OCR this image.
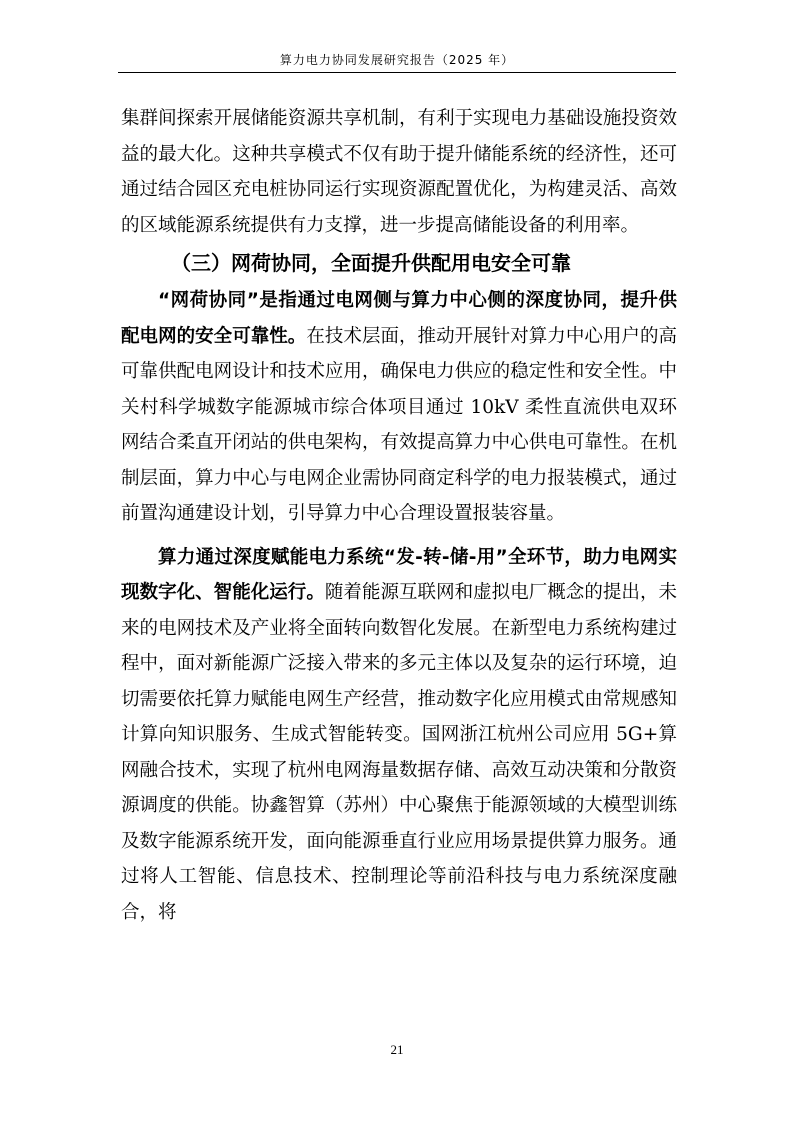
算力电力协同发展研究报告（2025 年）

集群间探索开展储能资源共享机制，有利于实现电力基础设施投资效益的最大化。这种共享模式不仅有助于提升储能系统的经济性，还可通过结合园区充电桩协同运行实现资源配置优化，为构建灵活、高效的区域能源系统提供有力支撑，进一步提高储能设备的利用率。

（三）网荷协同，全面提升供配用电安全可靠

“网荷协同”是指通过电网侧与算力中心侧的深度协同，提升供配电网的安全可靠性。在技术层面，推动开展针对算力中心用户的高可靠供配电网设计和技术应用，确保电力供应的稳定性和安全性。中关村科学城数字能源城市综合体项目通过 10kV 柔性直流供电双环网结合柔直开闭站的供电架构，有效提高算力中心供电可靠性。在机制层面，算力中心与电网企业需协同商定科学的电力报装模式，通过前置沟通建设计划，引导算力中心合理设置报装容量。

算力通过深度赋能电力系统“发-转-储-用”全环节，助力电网实现数字化、智能化运行。随着能源互联网和虚拟电厂概念的提出，未来的电网技术及产业将全面转向数智化发展。在新型电力系统构建过程中，面对新能源广泛接入带来的多元主体以及复杂的运行环境，迫切需要依托算力赋能电网生产经营，推动数字化应用模式由常规感知计算向知识服务、生成式智能转变。国网浙江杭州公司应用 5G+算网融合技术，实现了杭州电网海量数据存储、高效互动决策和分散资源调度的供能。协鑫智算（苏州）中心聚焦于能源领域的大模型训练及数字能源系统开发，面向能源垂直行业应用场景提供算力服务。通过将人工智能、信息技术、控制理论等前沿科技与电力系统深度融合，将

21
